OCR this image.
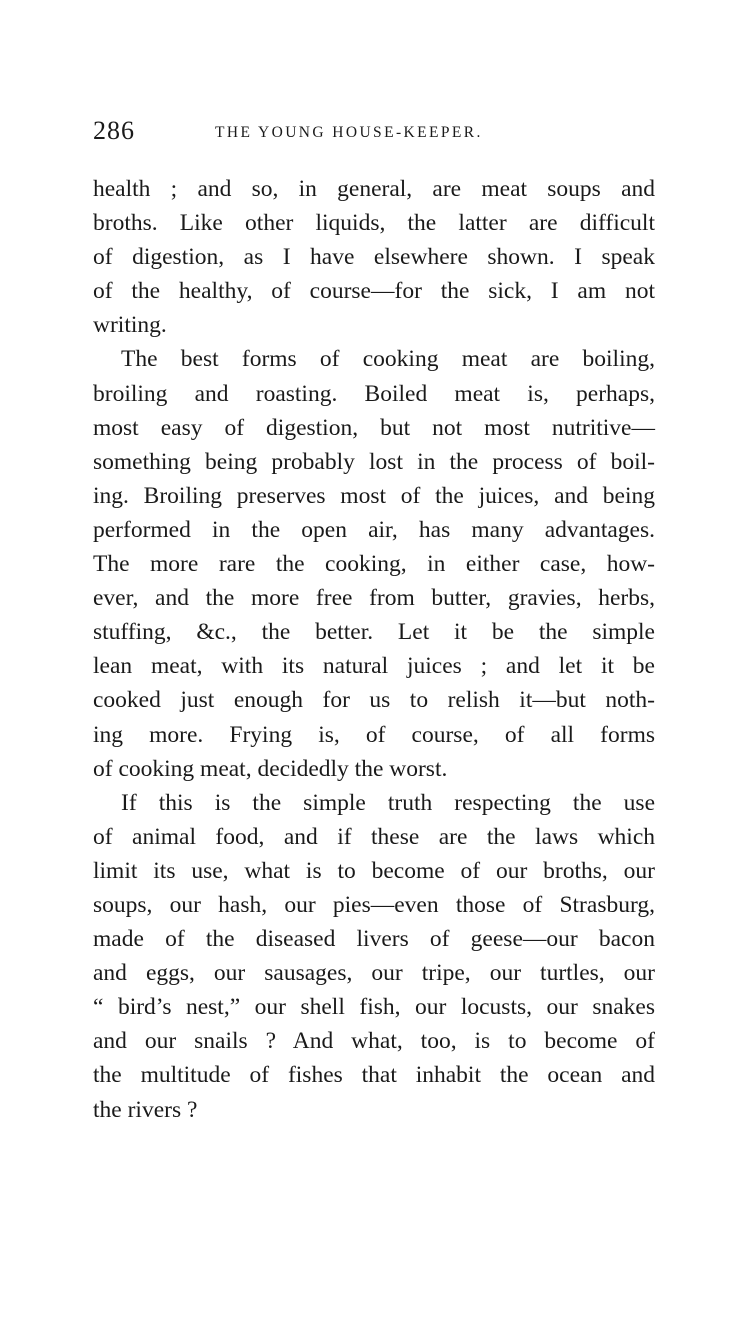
286	THE YOUNG HOUSE-KEEPER.
health ; and so, in general, are meat soups and
broths. Like other liquids, the latter are difficult
of digestion, as I have elsewhere shown. I speak
of the healthy, of course—for the sick, I am not
writing.
The best forms of cooking meat are boiling,
broiling and roasting. Boiled meat is, perhaps,
most easy of digestion, but not most nutritive—
something being probably lost in the process of boil-
ing. Broiling preserves most of the juices, and being
performed in the open air, has many advantages.
The more rare the cooking, in either case, how-
ever, and the more free from butter, gravies, herbs,
stuffing, &c., the better. Let it be the simple
lean meat, with its natural juices ; and let it be
cooked just enough for us to relish it—but noth-
ing more. Frying is, of course, of all forms
of cooking meat, decidedly the worst.
If this is the simple truth respecting the use
of animal food, and if these are the laws which
limit its use, what is to become of our broths, our
soups, our hash, our pies—even those of Strasburg,
made of the diseased livers of geese—our bacon
and eggs, our sausages, our tripe, our turtles, our
“ bird’s nest,” our shell fish, our locusts, our snakes
and our snails ? And what, too, is to become of
the multitude of fishes that inhabit the ocean and
the rivers ?
